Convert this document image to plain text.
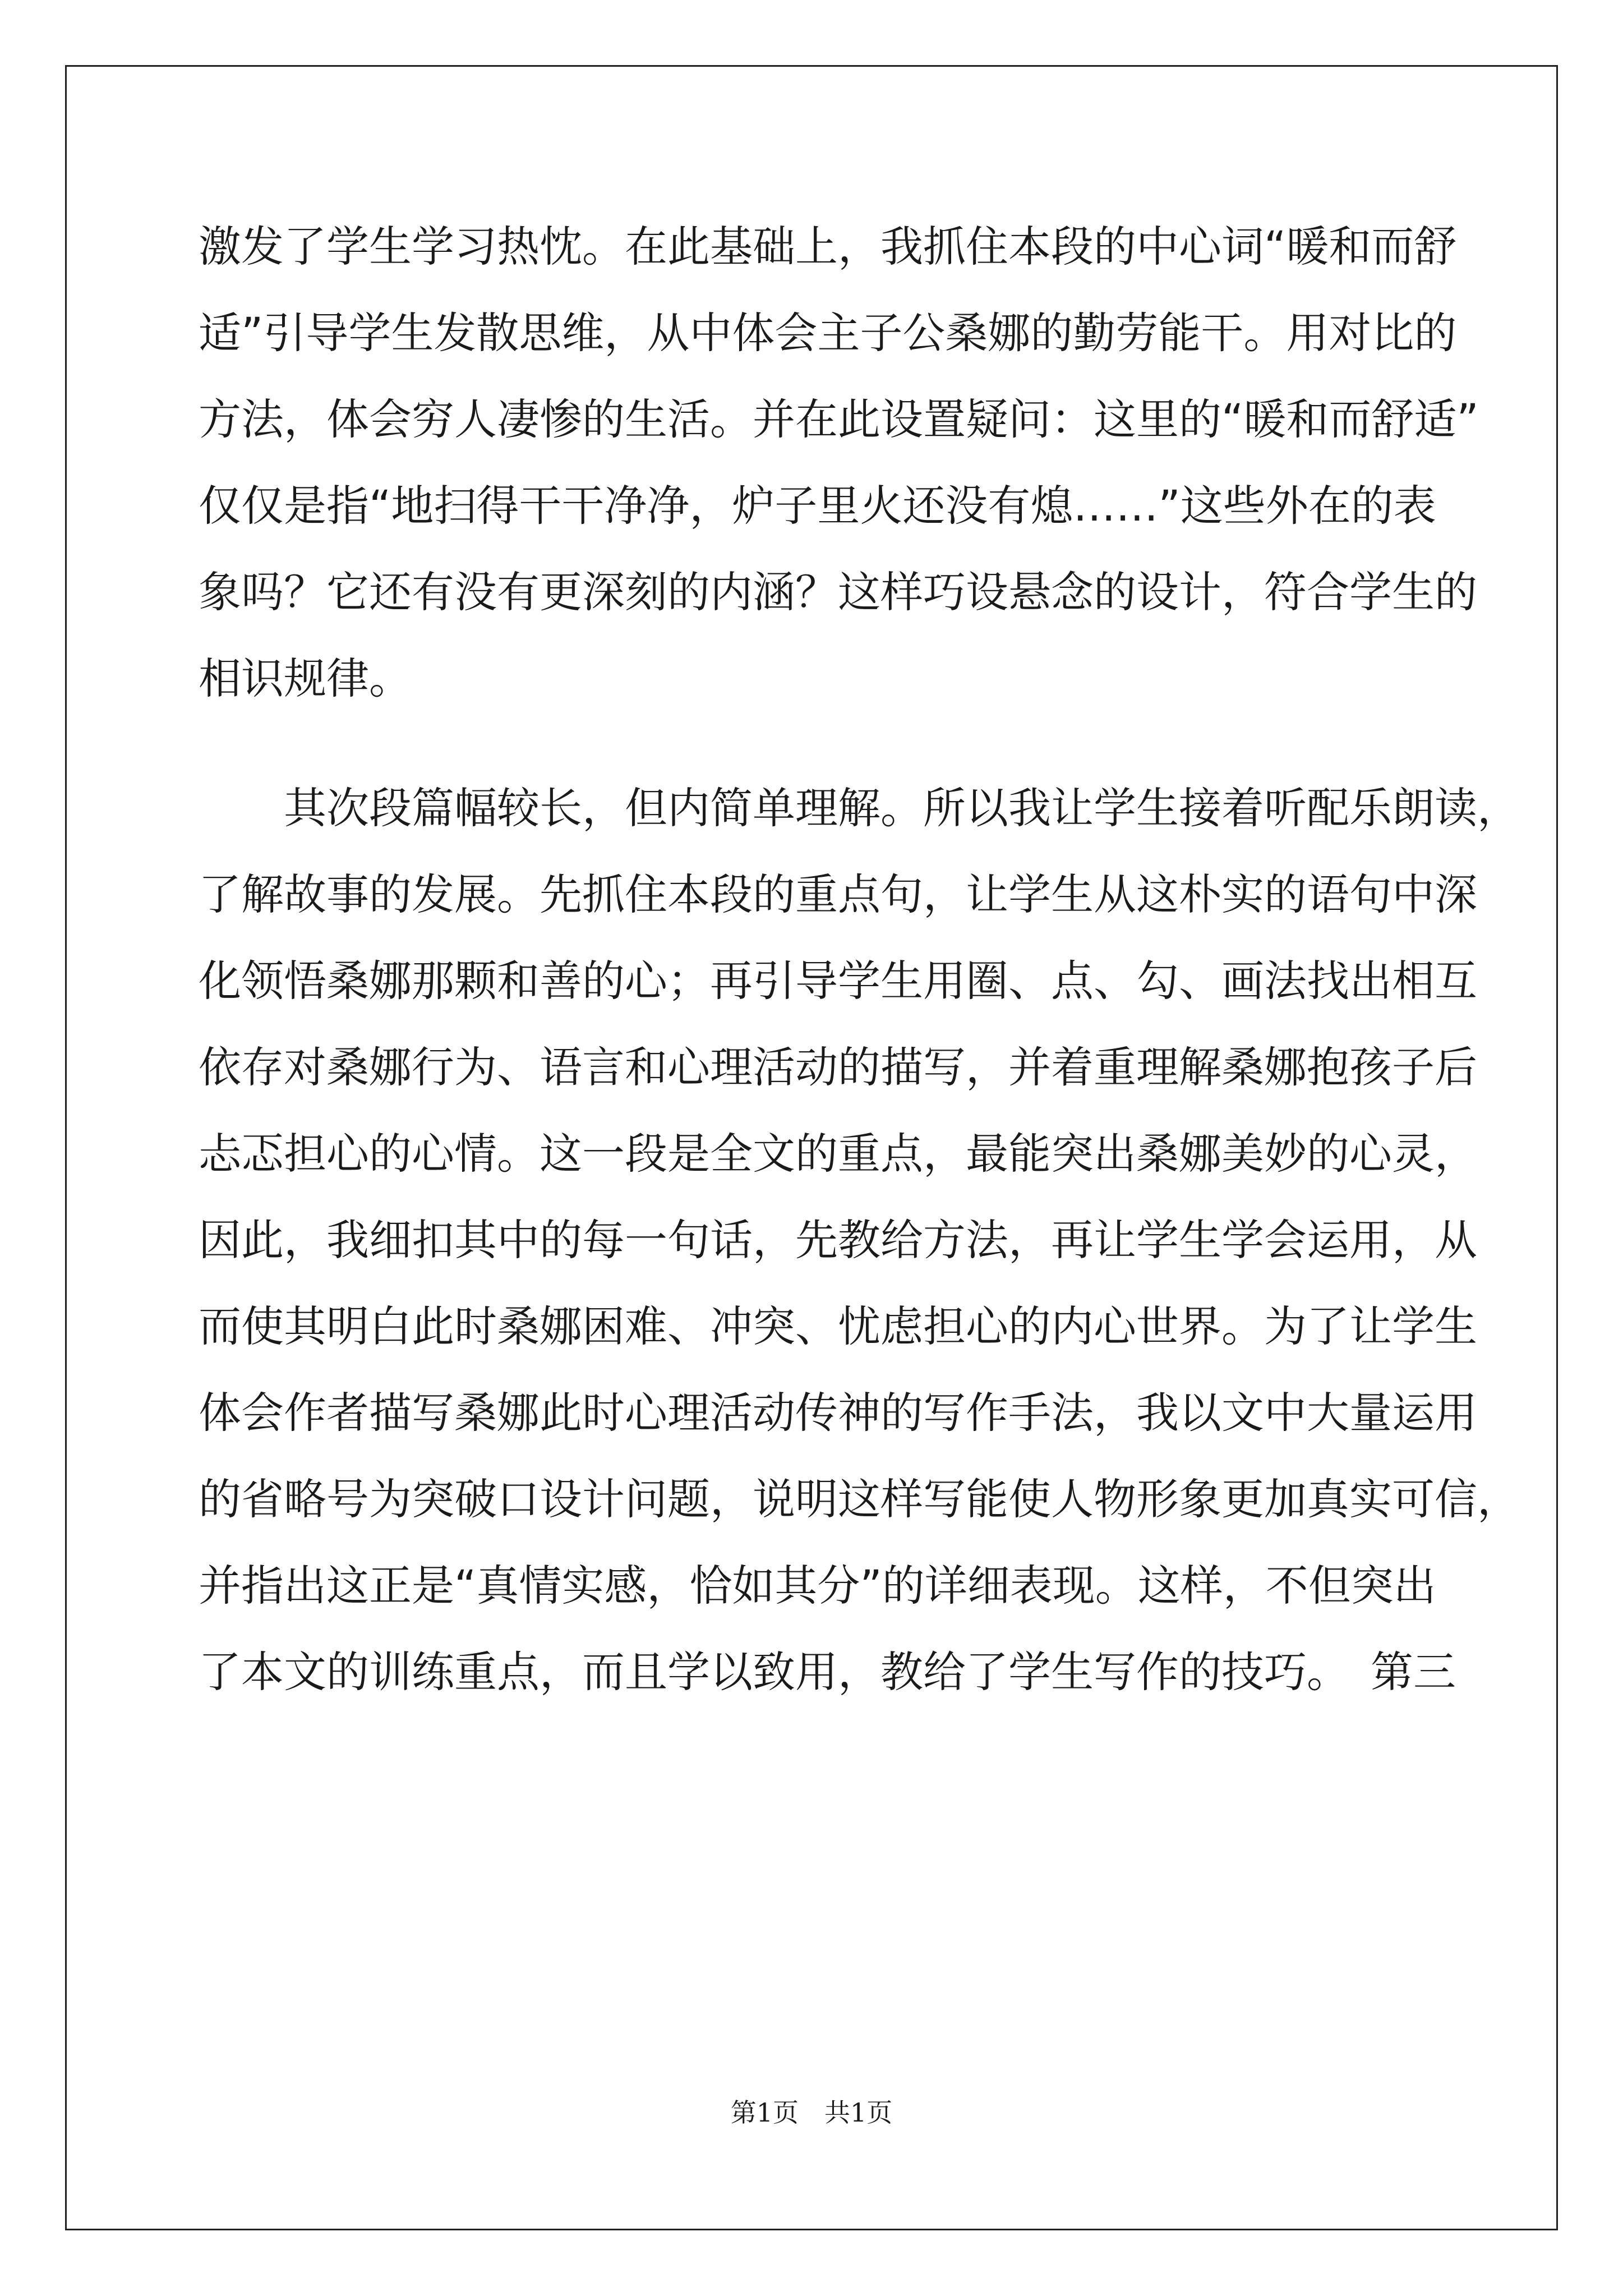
激发了学生学习热忱。在此基础上，我抓住本段的中心词“暖和而舒
适”引导学生发散思维，从中体会主子公桑娜的勤劳能干。用对比的
方法，体会穷人凄惨的生活。并在此设置疑问：这里的“暖和而舒适”
仅仅是指“地扫得干干净净，炉子里火还没有熄……”这些外在的表
象吗？它还有没有更深刻的内涵？这样巧设悬念的设计，符合学生的
相识规律。
其次段篇幅较长，但内简单理解。所以我让学生接着听配乐朗读，
了解故事的发展。先抓住本段的重点句，让学生从这朴实的语句中深
化领悟桑娜那颗和善的心；再引导学生用圈、点、勾、画法找出相互
依存对桑娜行为、语言和心理活动的描写，并着重理解桑娜抱孩子后
忐忑担心的心情。这一段是全文的重点，最能突出桑娜美妙的心灵，
因此，我细扣其中的每一句话，先教给方法，再让学生学会运用，从
而使其明白此时桑娜困难、冲突、忧虑担心的内心世界。为了让学生
体会作者描写桑娜此时心理活动传神的写作手法，我以文中大量运用
的省略号为突破口设计问题，说明这样写能使人物形象更加真实可信，
并指出这正是“真情实感，恰如其分”的详细表现。这样，不但突出
了本文的训练重点，而且学以致用，教给了学生写作的技巧。　第三
第1页　共1页
